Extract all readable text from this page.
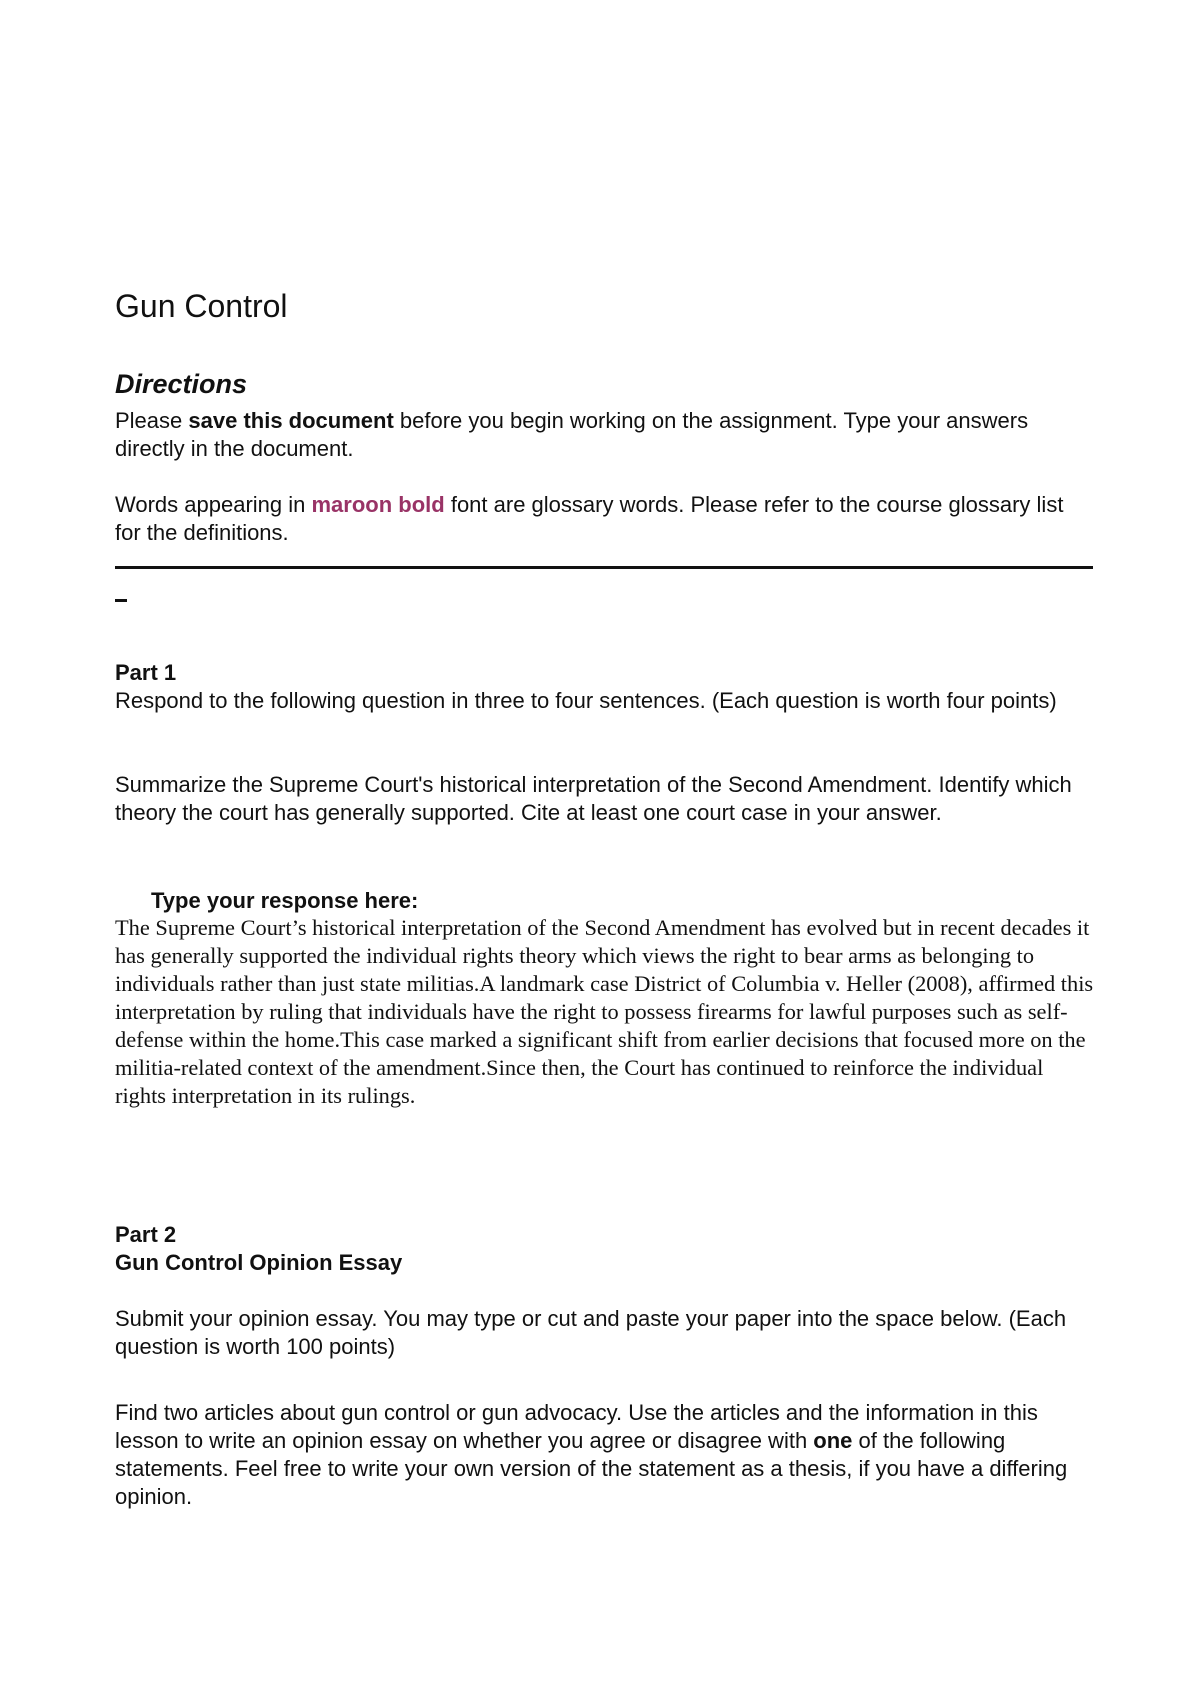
Gun Control
Directions

Please save this document before you begin working on the assignment. Type your answers directly in the document.

Words appearing in maroon bold font are glossary words. Please refer to the course glossary list for the definitions.

Part 1

Respond to the following question in three to four sentences. (Each question is worth four points)

Summarize the Supreme Court's historical interpretation of the Second Amendment. Identify which theory the court has generally supported. Cite at least one court case in your answer.

Type your response here:

The Supreme Court’s historical interpretation of the Second Amendment has evolved but in recent decades it has generally supported the individual rights theory which views the right to bear arms as belonging to individuals rather than just state militias.A landmark case District of Columbia v. Heller (2008), affirmed this interpretation by ruling that individuals have the right to possess firearms for lawful purposes such as self-defense within the home.This case marked a significant shift from earlier decisions that focused more on the militia-related context of the amendment.Since then, the Court has continued to reinforce the individual rights interpretation in its rulings.

Part 2
Gun Control Opinion Essay

Submit your opinion essay. You may type or cut and paste your paper into the space below. (Each question is worth 100 points)

Find two articles about gun control or gun advocacy. Use the articles and the information in this lesson to write an opinion essay on whether you agree or disagree with one of the following statements. Feel free to write your own version of the statement as a thesis, if you have a differing opinion.
